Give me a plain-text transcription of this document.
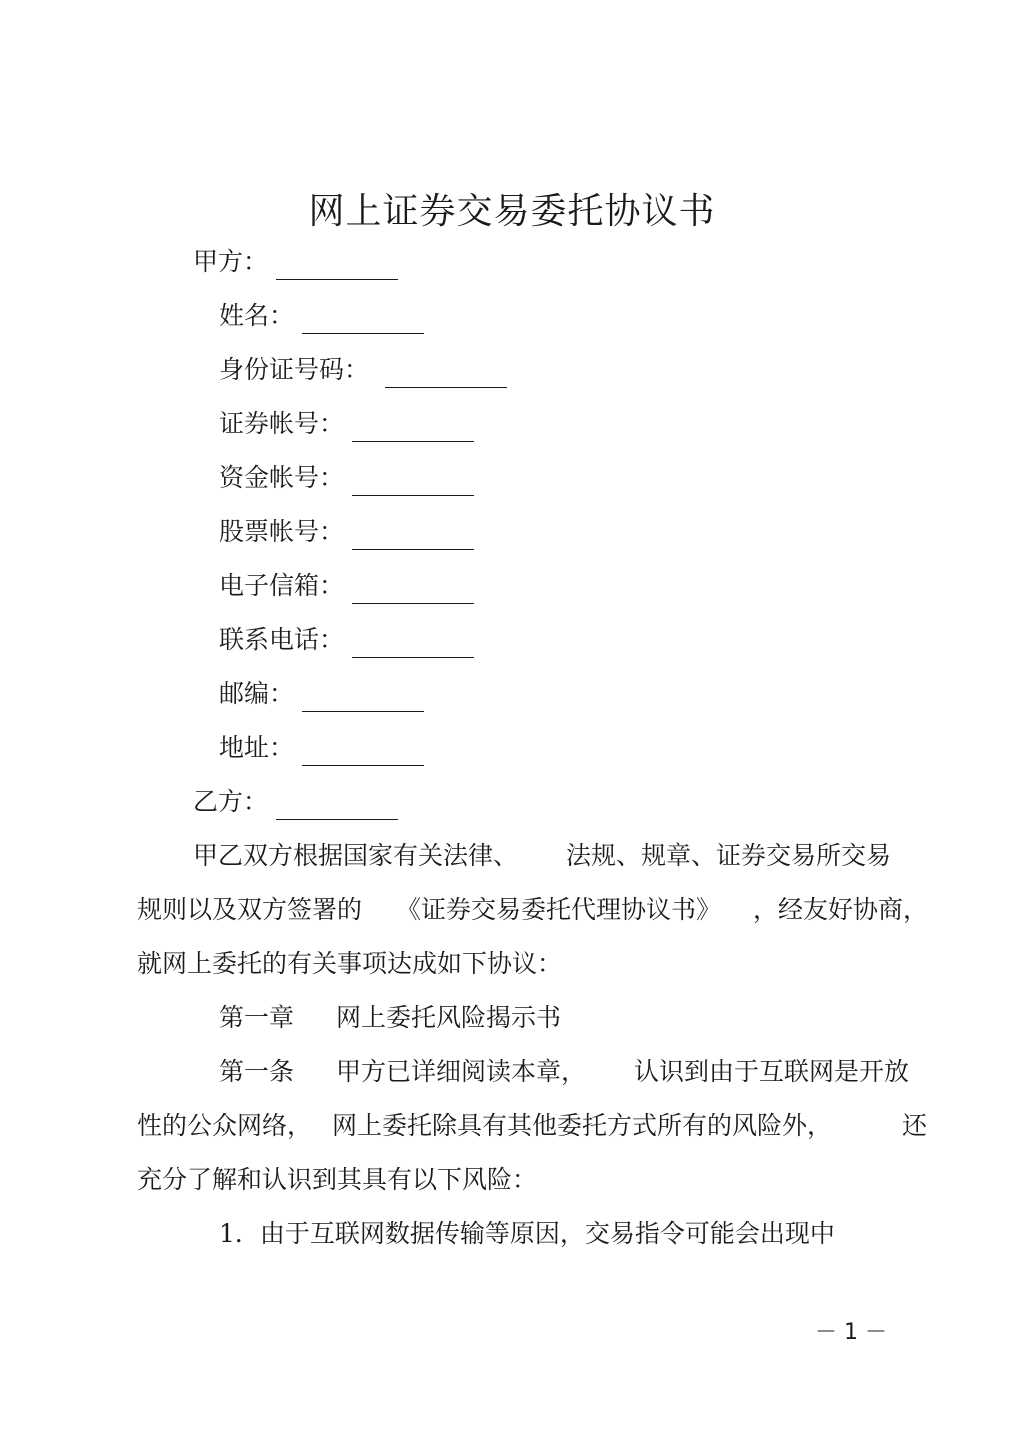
网上证券交易委托协议书
甲方：
姓名：
身份证号码：
证券帐号：
资金帐号：
股票帐号：
电子信箱：
联系电话：
邮编：
地址：
乙方：
甲乙双方根据国家有关法律、 法规、规章、证券交易所交易
规则以及双方签署的 《证券交易委托代理协议书》 ，经友好协商，
就网上委托的有关事项达成如下协议：
第一章 网上委托风险揭示书
第一条 甲方已详细阅读本章， 认识到由于互联网是开放
性的公众网络， 网上委托除具有其他委托方式所有的风险外，	还
充分了解和认识到其具有以下风险：
1．由于互联网数据传输等原因，交易指令可能会出现中
－ 1 －
